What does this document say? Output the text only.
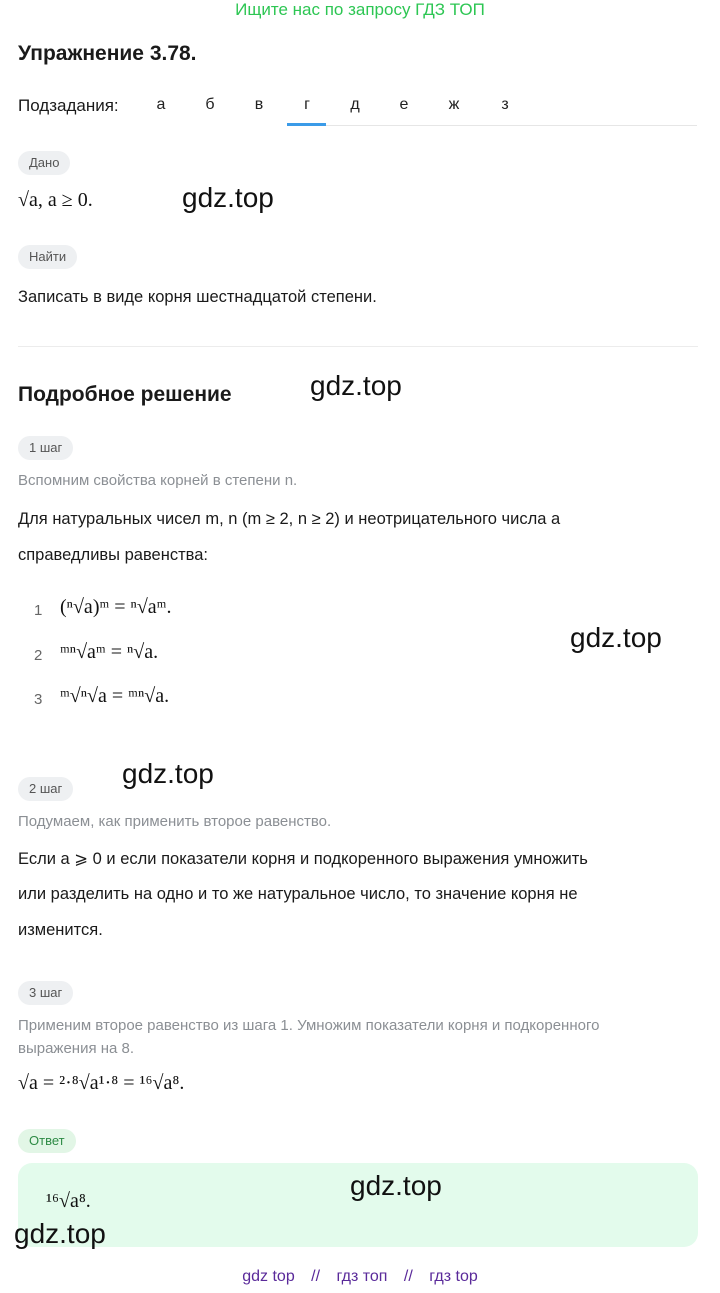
Ищите нас по запросу ГДЗ ТОП
Упражнение 3.78.
Подзадания:	а	б	в	г	д	е	ж	з
Дано
√a, a ≥ 0.	gdz.top
Найти
Записать в виде корня шестнадцатой степени.
Подробное решение	gdz.top
1 шаг
Вспомним свойства корней в степени n.
Для натуральных чисел m, n (m ≥ 2, n ≥ 2) и неотрицательного числа a
справедливы равенства:
1 (ⁿ√a)ᵐ = ⁿ√aᵐ.
2 ᵐⁿ√aᵐ = ⁿ√a.
3 ᵐ√ⁿ√a = ᵐⁿ√a.
gdz.top
gdz.top
2 шаг
Подумаем, как применить второе равенство.
Если a ⩾ 0 и если показатели корня и подкоренного выражения умножить
или разделить на одно и то же натуральное число, то значение корня не
изменится.
3 шаг
Применим второе равенство из шага 1. Умножим показатели корня и подкоренного
выражения на 8.
√a = ²·⁸√a¹·⁸ = ¹⁶√a⁸.
Ответ
¹⁶√a⁸.	gdz.top
gdz.top
gdz top // гдз топ // гдз top
